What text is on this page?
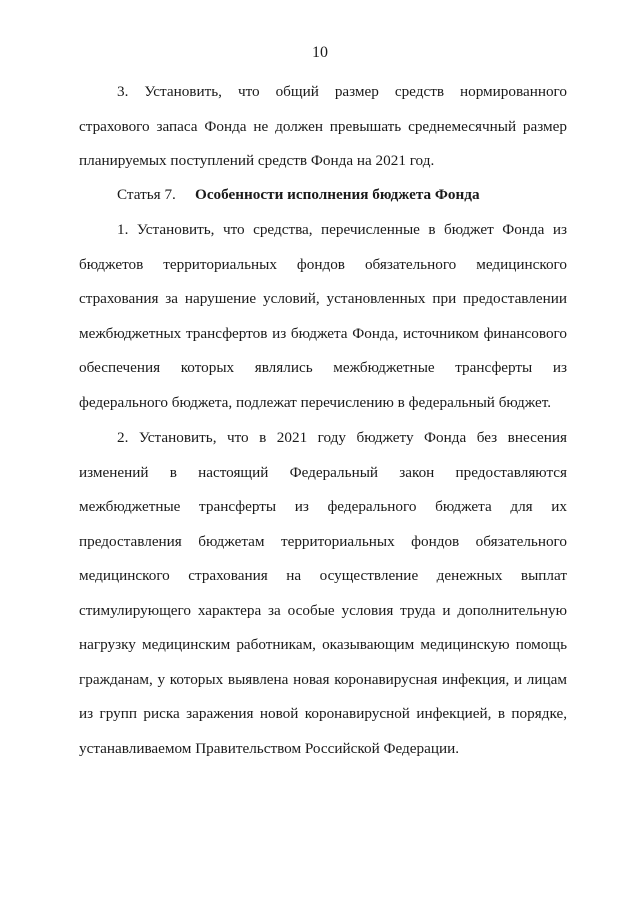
10
3. Установить, что общий размер средств нормированного
страхового запаса Фонда не должен превышать среднемесячный размер
планируемых поступлений средств Фонда на 2021 год.
Статья 7. Особенности исполнения бюджета Фонда
1. Установить, что средства, перечисленные в бюджет Фонда из
бюджетов территориальных фондов обязательного медицинского
страхования за нарушение условий, установленных при предоставлении
межбюджетных трансфертов из бюджета Фонда, источником финансового
обеспечения которых являлись межбюджетные трансферты из
федерального бюджета, подлежат перечислению в федеральный бюджет.
2. Установить, что в 2021 году бюджету Фонда без внесения
изменений в настоящий Федеральный закон предоставляются
межбюджетные трансферты из федерального бюджета для их
предоставления бюджетам территориальных фондов обязательного
медицинского страхования на осуществление денежных выплат
стимулирующего характера за особые условия труда и дополнительную
нагрузку медицинским работникам, оказывающим медицинскую помощь
гражданам, у которых выявлена новая коронавирусная инфекция, и лицам
из групп риска заражения новой коронавирусной инфекцией, в порядке,
устанавливаемом Правительством Российской Федерации.
